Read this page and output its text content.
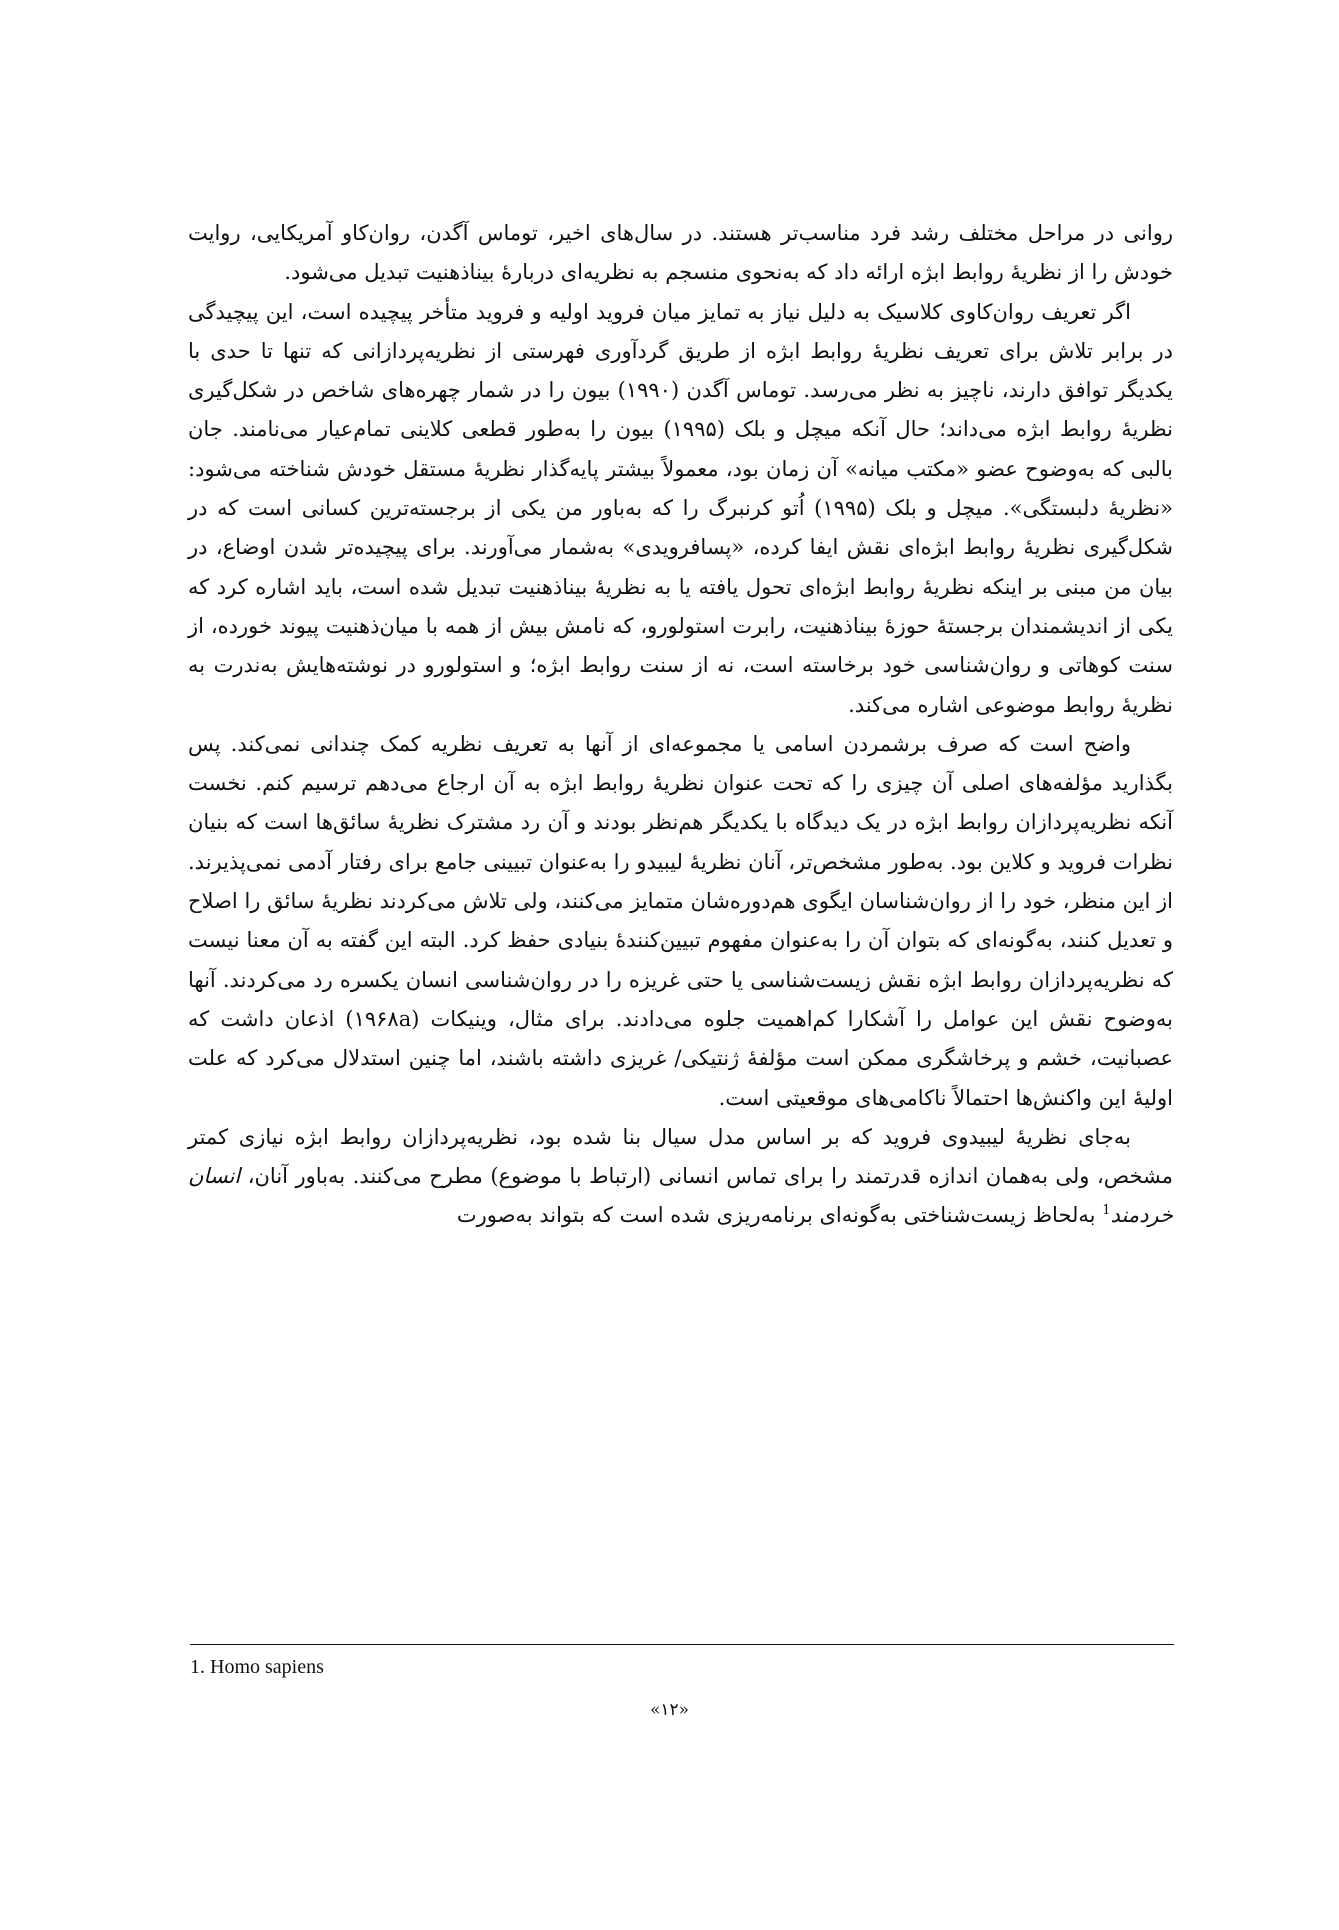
روانی در مراحل مختلف رشد فرد مناسب‌تر هستند. در سال‌های اخیر، توماس آگدن، روان‌کاو آمریکایی، روایت خودش را از نظریهٔ روابط ابژه ارائه داد که به‌نحوی منسجم به نظریه‌ای دربارهٔ بیناذهنیت تبدیل می‌شود.

اگر تعریف روان‌کاوی کلاسیک به دلیل نیاز به تمایز میان فروید اولیه و فروید متأخر پیچیده است، این پیچیدگی در برابر تلاش برای تعریف نظریهٔ روابط ابژه از طریق گردآوری فهرستی از نظریه‌پردازانی که تنها تا حدی با یکدیگر توافق دارند، ناچیز به نظر می‌رسد. توماس آگدن (۱۹۹۰) بیون را در شمار چهره‌های شاخص در شکل‌گیری نظریهٔ روابط ابژه می‌داند؛ حال آنکه میچل و بلک (۱۹۹۵) بیون را به‌طور قطعی کلاینی تمام‌عیار می‌نامند. جان بالبی که به‌وضوح عضو «مکتب میانه» آن زمان بود، معمولاً بیشتر پایه‌گذار نظریهٔ مستقل خودش شناخته می‌شود: «نظریهٔ دلبستگی». میچل و بلک (۱۹۹۵) اُتو کرنبرگ را که به‌باور من یکی از برجسته‌ترین کسانی است که در شکل‌گیری نظریهٔ روابط ابژه‌ای نقش ایفا کرده، «پسافرویدی» به‌شمار می‌آورند. برای پیچیده‌تر شدن اوضاع، در بیان من مبنی بر اینکه نظریهٔ روابط ابژه‌ای تحول یافته یا به نظریهٔ بیناذهنیت تبدیل شده است، باید اشاره کرد که یکی از اندیشمندان برجستهٔ حوزهٔ بیناذهنیت، رابرت استولورو، که نامش بیش از همه با میان‌ذهنیت پیوند خورده، از سنت کوهاتی و روان‌شناسی خود برخاسته است، نه از سنت روابط ابژه؛ و استولورو در نوشته‌هایش به‌ندرت به نظریهٔ روابط موضوعی اشاره می‌کند.

واضح است که صرف برشمردن اسامی یا مجموعه‌ای از آنها به تعریف نظریه کمک چندانی نمی‌کند. پس بگذارید مؤلفه‌های اصلی آن چیزی را که تحت عنوان نظریهٔ روابط ابژه به آن ارجاع می‌دهم ترسیم کنم. نخست آنکه نظریه‌پردازان روابط ابژه در یک دیدگاه با یکدیگر هم‌نظر بودند و آن رد مشترک نظریهٔ سائق‌ها است که بنیان نظرات فروید و کلاین بود. به‌طور مشخص‌تر، آنان نظریهٔ لیبیدو را به‌عنوان تبیینی جامع برای رفتار آدمی نمی‌پذیرند. از این منظر، خود را از روان‌شناسان ایگوی هم‌دوره‌شان متمایز می‌کنند، ولی تلاش می‌کردند نظریهٔ سائق را اصلاح و تعدیل کنند، به‌گونه‌ای که بتوان آن را به‌عنوان مفهوم تبیین‌کنندهٔ بنیادی حفظ کرد. البته این گفته به آن معنا نیست که نظریه‌پردازان روابط ابژه نقش زیست‌شناسی یا حتی غریزه را در روان‌شناسی انسان یکسره رد می‌کردند. آنها به‌وضوح نقش این عوامل را آشکارا کم‌اهمیت جلوه می‌دادند. برای مثال، وینیکات (۱۹۶۸a) اذعان داشت که عصبانیت، خشم و پرخاشگری ممکن است مؤلفهٔ ژنتیکی/ غریزی داشته باشند، اما چنین استدلال می‌کرد که علت اولیهٔ این واکنش‌ها احتمالاً ناکامی‌های موقعیتی است.

به‌جای نظریهٔ لیبیدوی فروید که بر اساس مدل سیال بنا شده بود، نظریه‌پردازان روابط ابژه نیازی کمتر مشخص، ولی به‌همان اندازه قدرتمند را برای تماس انسانی (ارتباط با موضوع) مطرح می‌کنند. به‌باور آنان، انسان خردمند$^1$ به‌لحاظ زیست‌شناختی به‌گونه‌ای برنامه‌ریزی شده است که بتواند به‌صورت

1. Homo sapiens
«۱۲»
